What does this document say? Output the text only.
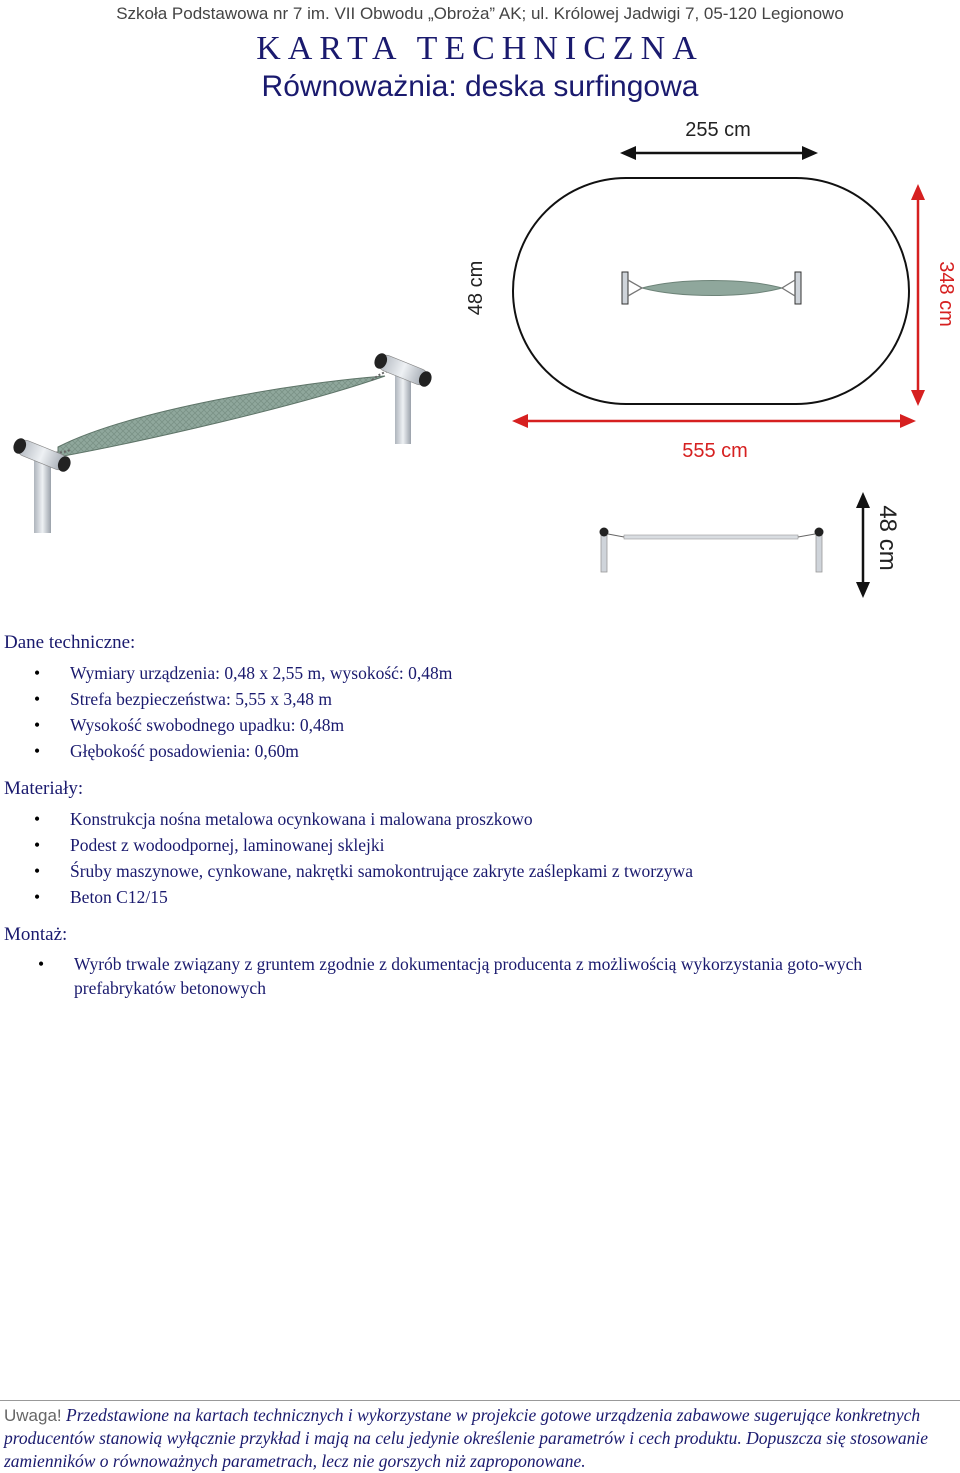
Szkoła Podstawowa nr 7 im. VII Obwodu „Obroża” AK; ul. Królowej Jadwigi 7, 05-120 Legionowo
KARTA TECHNICZNA
Równoważnia: deska surfingowa
255 cm
48 cm	348 cm
555 cm
48 cm
Dane techniczne:
• Wymiary urządzenia: 0,48 x 2,55 m, wysokość: 0,48m
• Strefa bezpieczeństwa: 5,55 x 3,48 m
• Wysokość swobodnego upadku: 0,48m
• Głębokość posadowienia: 0,60m
Materiały:
• Konstrukcja nośna metalowa ocynkowana i malowana proszkowo
• Podest z wodoodpornej, laminowanej sklejki
• Śruby maszynowe, cynkowane, nakrętki samokontrujące zakryte zaślepkami z tworzywa
• Beton C12/15
Montaż:
• Wyrób trwale związany z gruntem zgodnie z dokumentacją producenta z możliwością wykorzystania goto-wych prefabrykatów betonowych
Uwaga! Przedstawione na kartach technicznych i wykorzystane w projekcie gotowe urządzenia zabawowe sugerujące konkretnych producentów stanowią wyłącznie przykład i mają na celu jedynie określenie parametrów i cech produktu. Dopuszcza się stosowanie zamienników o równoważnych parametrach, lecz nie gorszych niż zaproponowane.
